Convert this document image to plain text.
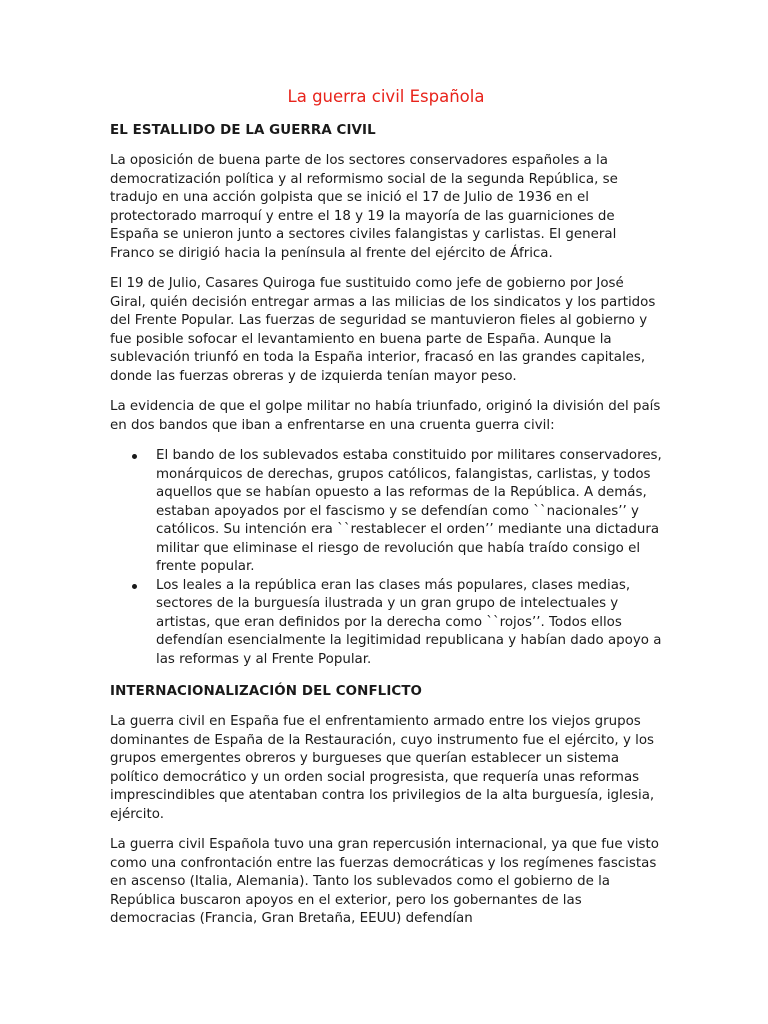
La guerra civil Española
EL ESTALLIDO DE LA GUERRA CIVIL

La oposición de buena parte de los sectores conservadores españoles a la democratización política y al reformismo social de la segunda República, se tradujo en una acción golpista que se inició el 17 de Julio de 1936 en el protectorado marroquí y entre el 18 y 19 la mayoría de las guarniciones de España se unieron junto a sectores civiles falangistas y carlistas. El general Franco se dirigió hacia la península al frente del ejército de África.

El 19 de Julio, Casares Quiroga fue sustituido como jefe de gobierno por José Giral, quién decisión entregar armas a las milicias de los sindicatos y los partidos del Frente Popular. Las fuerzas de seguridad se mantuvieron fieles al gobierno y fue posible sofocar el levantamiento en buena parte de España. Aunque la sublevación triunfó en toda la España interior, fracasó en las grandes capitales, donde las fuerzas obreras y de izquierda tenían mayor peso.

La evidencia de que el golpe militar no había triunfado, originó la división del país en dos bandos que iban a enfrentarse en una cruenta guerra civil:

El bando de los sublevados estaba constituido por militares conservadores, monárquicos de derechas, grupos católicos, falangistas, carlistas, y todos aquellos que se habían opuesto a las reformas de la República. A demás, estaban apoyados por el fascismo y se defendían como ``nacionales’’ y católicos. Su intención era ``restablecer el orden’’ mediante una dictadura militar que eliminase el riesgo de revolución que había traído consigo el frente popular.
Los leales a la república eran las clases más populares, clases medias, sectores de la burguesía ilustrada y un gran grupo de intelectuales y artistas, que eran definidos por la derecha como ``rojos’’. Todos ellos defendían esencialmente la legitimidad republicana y habían dado apoyo a las reformas y al Frente Popular.
INTERNACIONALIZACIÓN DEL CONFLICTO

La guerra civil en España fue el enfrentamiento armado entre los viejos grupos dominantes de España de la Restauración, cuyo instrumento fue el ejército, y los grupos emergentes obreros y burgueses que querían establecer un sistema político democrático y un orden social progresista, que requería unas reformas imprescindibles que atentaban contra los privilegios de la alta burguesía, iglesia, ejército.

La guerra civil Española tuvo una gran repercusión internacional, ya que fue visto como una confrontación entre las fuerzas democráticas y los regímenes fascistas en ascenso (Italia, Alemania). Tanto los sublevados como el gobierno de la República buscaron apoyos en el exterior, pero los gobernantes de las democracias (Francia, Gran Bretaña, EEUU) defendían
